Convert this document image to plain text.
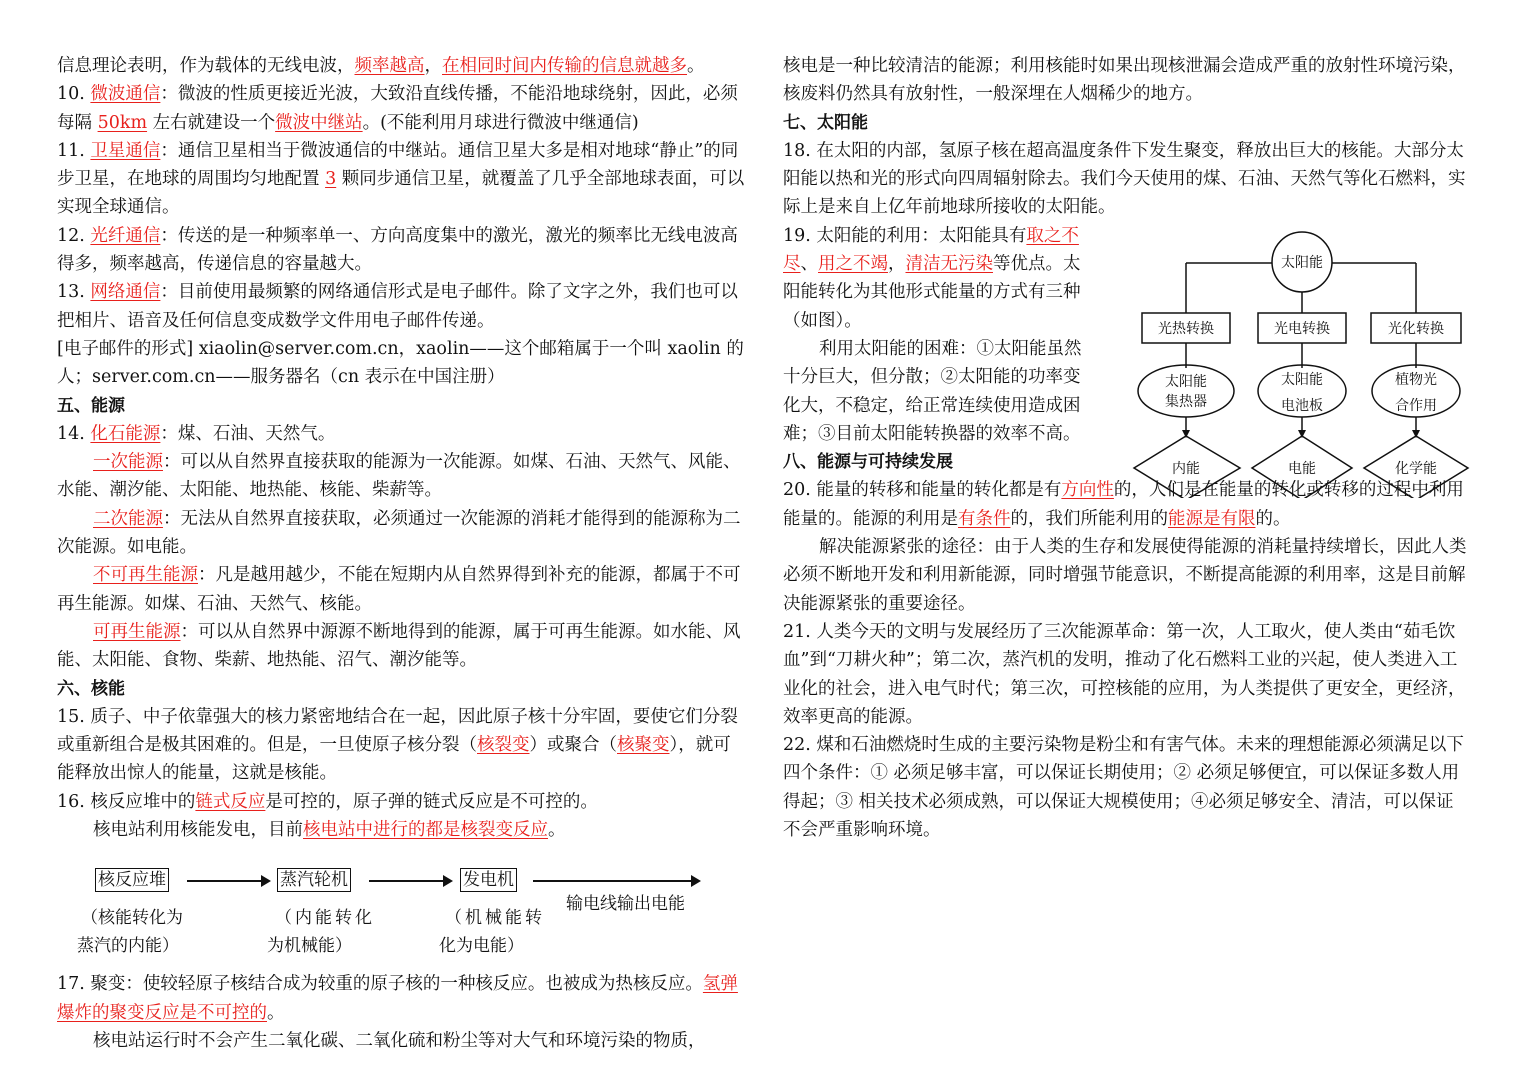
信息理论表明，作为载体的无线电波，频率越高，在相同时间内传输的信息就越多。

10. 微波通信：微波的性质更接近光波，大致沿直线传播，不能沿地球绕射，因此，必须每隔 50km 左右就建设一个微波中继站。(不能利用月球进行微波中继通信)

11. 卫星通信：通信卫星相当于微波通信的中继站。通信卫星大多是相对地球“静止”的同步卫星，在地球的周围均匀地配置 3 颗同步通信卫星，就覆盖了几乎全部地球表面，可以实现全球通信。

12. 光纤通信：传送的是一种频率单一、方向高度集中的激光，激光的频率比无线电波高得多，频率越高，传递信息的容量越大。

13. 网络通信：目前使用最频繁的网络通信形式是电子邮件。除了文字之外，我们也可以把相片、语音及任何信息变成数学文件用电子邮件传递。

[电子邮件的形式] xiaolin@server.com.cn，xaolin——这个邮箱属于一个叫 xaolin 的人；server.com.cn——服务器名（cn 表示在中国注册）

五、能源

14. 化石能源：煤、石油、天然气。

一次能源：可以从自然界直接获取的能源为一次能源。如煤、石油、天然气、风能、水能、潮汐能、太阳能、地热能、核能、柴薪等。

二次能源：无法从自然界直接获取，必须通过一次能源的消耗才能得到的能源称为二次能源。如电能。

不可再生能源：凡是越用越少，不能在短期内从自然界得到补充的能源，都属于不可再生能源。如煤、石油、天然气、核能。

可再生能源：可以从自然界中源源不断地得到的能源，属于可再生能源。如水能、风能、太阳能、食物、柴薪、地热能、沼气、潮汐能等。

六、核能

15. 质子、中子依靠强大的核力紧密地结合在一起，因此原子核十分牢固，要使它们分裂或重新组合是极其困难的。但是，一旦使原子核分裂（核裂变）或聚合（核聚变），就可能释放出惊人的能量，这就是核能。

16. 核反应堆中的链式反应是可控的，原子弹的链式反应是不可控的。

核电站利用核能发电，目前核电站中进行的都是核裂变反应。

核反应堆	蒸汽轮机	发电机
输电线输出电能
（核能转化为
蒸汽的内能）
（内能转化
为机械能）
（机械能转
化为电能）

17. 聚变：使较轻原子核结合成为较重的原子核的一种核反应。也被成为热核反应。氢弹爆炸的聚变反应是不可控的。

核电站运行时不会产生二氧化碳、二氧化硫和粉尘等对大气和环境污染的物质，

核电是一种比较清洁的能源；利用核能时如果出现核泄漏会造成严重的放射性环境污染，核废料仍然具有放射性，一般深埋在人烟稀少的地方。

七、太阳能

18. 在太阳的内部，氢原子核在超高温度条件下发生聚变，释放出巨大的核能。大部分太阳能以热和光的形式向四周辐射除去。我们今天使用的煤、石油、天然气等化石燃料，实际上是来自上亿年前地球所接收的太阳能。

19. 太阳能的利用：太阳能具有取之不尽、用之不竭，清洁无污染等优点。太阳能转化为其他形式能量的方式有三种（如图）。

利用太阳能的困难：①太阳能虽然十分巨大，但分散；②太阳能的功率变化大，不稳定，给正常连续使用造成困难；③目前太阳能转换器的效率不高。

八、能源与可持续发展

20. 能量的转移和能量的转化都是有方向性的，人们是在能量的转化或转移的过程中利用能量的。能源的利用是有条件的，我们所能利用的能源是有限的。

解决能源紧张的途径：由于人类的生存和发展使得能源的消耗量持续增长，因此人类必须不断地开发和利用新能源，同时增强节能意识，不断提高能源的利用率，这是目前解决能源紧张的重要途径。

21. 人类今天的文明与发展经历了三次能源革命：第一次，人工取火，使人类由“茹毛饮血”到“刀耕火种”；第二次，蒸汽机的发明，推动了化石燃料工业的兴起，使人类进入工业化的社会，进入电气时代；第三次，可控核能的应用，为人类提供了更安全，更经济，效率更高的能源。

22. 煤和石油燃烧时生成的主要污染物是粉尘和有害气体。未来的理想能源必须满足以下四个条件：① 必须足够丰富，可以保证长期使用；② 必须足够便宜，可以保证多数人用得起；③ 相关技术必须成熟，可以保证大规模使用；④必须足够安全、清洁，可以保证不会严重影响环境。

太阳能
光热转换	光电转换	光化转换
太阳能
集热器
太阳能
电池板
植物光
合作用
内能	电能	化学能
